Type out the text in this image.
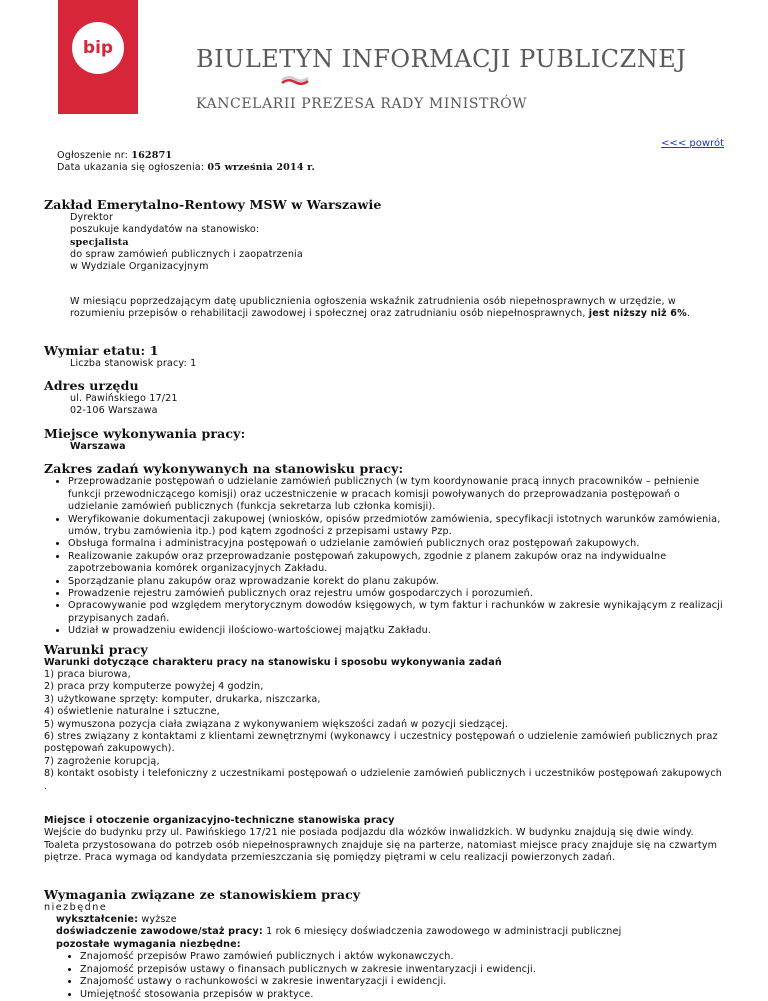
bip	BIULETYN INFORMACJI PUBLICZNEJ
KANCELARII PREZESA RADY MINISTRÓW
<<< powrót
Ogłoszenie nr: 162871
Data ukazania się ogłoszenia: 05 września 2014 r.
Zakład Emerytalno-Rentowy MSW w Warszawie
Dyrektor
poszukuje kandydatów na stanowisko:
specjalista
do spraw zamówień publicznych i zaopatrzenia
w Wydziale Organizacyjnym
W miesiącu poprzedzającym datę upublicznienia ogłoszenia wskaźnik zatrudnienia osób niepełnosprawnych w urzędzie, w rozumieniu przepisów o rehabilitacji zawodowej i społecznej oraz zatrudnianiu osób niepełnosprawnych, jest niższy niż 6%.
Wymiar etatu: 1
Liczba stanowisk pracy: 1
Adres urzędu
ul. Pawińskiego 17/21
02-106 Warszawa
Miejsce wykonywania pracy:
Warszawa
Zakres zadań wykonywanych na stanowisku pracy:
• Przeprowadzanie postępowań o udzielanie zamówień publicznych (w tym koordynowanie pracą innych pracowników – pełnienie funkcji przewodniczącego komisji) oraz uczestniczenie w pracach komisji powoływanych do przeprowadzania postępowań o udzielanie zamówień publicznych (funkcja sekretarza lub członka komisji).
• Weryfikowanie dokumentacji zakupowej (wniosków, opisów przedmiotów zamówienia, specyfikacji istotnych warunków zamówienia, umów, trybu zamówienia itp.) pod kątem zgodności z przepisami ustawy Pzp.
• Obsługa formalna i administracyjna postępowań o udzielanie zamówień publicznych oraz postępowań zakupowych.
• Realizowanie zakupów oraz przeprowadzanie postępowań zakupowych, zgodnie z planem zakupów oraz na indywidualne zapotrzebowania komórek organizacyjnych Zakładu.
• Sporządzanie planu zakupów oraz wprowadzanie korekt do planu zakupów.
• Prowadzenie rejestru zamówień publicznych oraz rejestru umów gospodarczych i porozumień.
• Opracowywanie pod względem merytorycznym dowodów księgowych, w tym faktur i rachunków w zakresie wynikającym z realizacji przypisanych zadań.
• Udział w prowadzeniu ewidencji ilościowo-wartościowej majątku Zakładu.
Warunki pracy
Warunki dotyczące charakteru pracy na stanowisku i sposobu wykonywania zadań
1) praca biurowa,
2) praca przy komputerze powyżej 4 godzin,
3) użytkowane sprzęty: komputer, drukarka, niszczarka,
4) oświetlenie naturalne i sztuczne,
5) wymuszona pozycja ciała związana z wykonywaniem większości zadań w pozycji siedzącej.
6) stres związany z kontaktami z klientami zewnętrznymi (wykonawcy i uczestnicy postępowań o udzielenie zamówień publicznych praz postępowań zakupowych).
7) zagrożenie korupcją,
8) kontakt osobisty i telefoniczny z uczestnikami postępowań o udzielenie zamówień publicznych i uczestników postępowań zakupowych .
Miejsce i otoczenie organizacyjno-techniczne stanowiska pracy
Wejście do budynku przy ul. Pawińskiego 17/21 nie posiada podjazdu dla wózków inwalidzkich. W budynku znajdują się dwie windy. Toaleta przystosowana do potrzeb osób niepełnosprawnych znajduje się na parterze, natomiast miejsce pracy znajduje się na czwartym piętrze. Praca wymaga od kandydata przemieszczania się pomiędzy piętrami w celu realizacji powierzonych zadań.
Wymagania związane ze stanowiskiem pracy
niezbędne
wykształcenie: wyższe
doświadczenie zawodowe/staż pracy: 1 rok 6 miesięcy doświadczenia zawodowego w administracji publicznej
pozostałe wymagania niezbędne:
• Znajomość przepisów Prawo zamówień publicznych i aktów wykonawczych.
• Znajomość przepisów ustawy o finansach publicznych w zakresie inwentaryzacji i ewidencji.
• Znajomość ustawy o rachunkowości w zakresie inwentaryzacji i ewidencji.
• Umiejętność stosowania przepisów w praktyce.
